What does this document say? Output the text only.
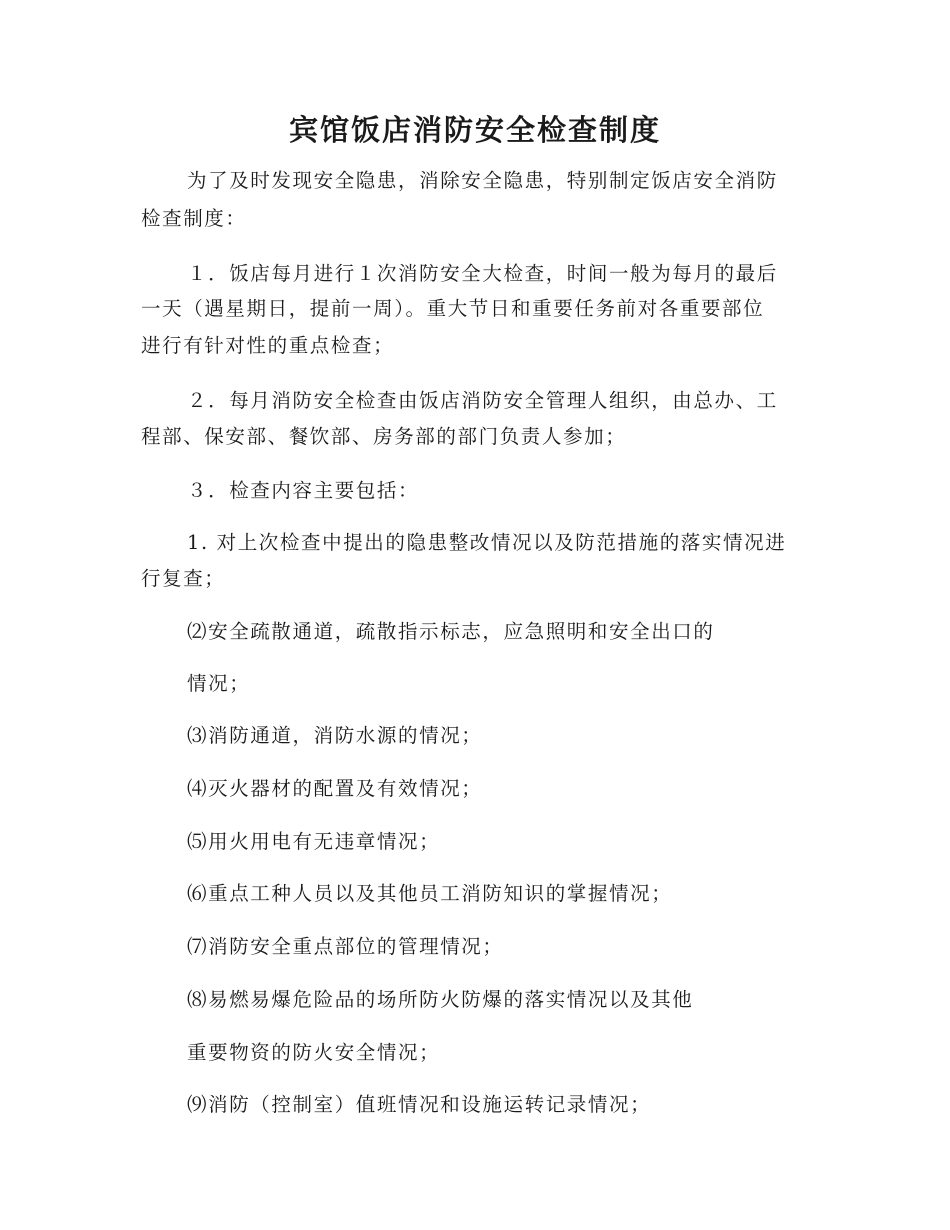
宾馆饭店消防安全检查制度
为了及时发现安全隐患，消除安全隐患，特别制定饭店安全消防
检查制度：
１．饭店每月进行１次消防安全大检查，时间一般为每月的最后
一天（遇星期日，提前一周）。重大节日和重要任务前对各重要部位
进行有针对性的重点检查；
２．每月消防安全检查由饭店消防安全管理人组织，由总办、工
程部、保安部、餐饮部、房务部的部门负责人参加；
３．检查内容主要包括：
1. 对上次检查中提出的隐患整改情况以及防范措施的落实情况进
行复查；
⑵安全疏散通道，疏散指示标志，应急照明和安全出口的
情况；
⑶消防通道，消防水源的情况；
⑷灭火器材的配置及有效情况；
⑸用火用电有无违章情况；
⑹重点工种人员以及其他员工消防知识的掌握情况；
⑺消防安全重点部位的管理情况；
⑻易燃易爆危险品的场所防火防爆的落实情况以及其他
重要物资的防火安全情况；
⑼消防（控制室）值班情况和设施运转记录情况；
